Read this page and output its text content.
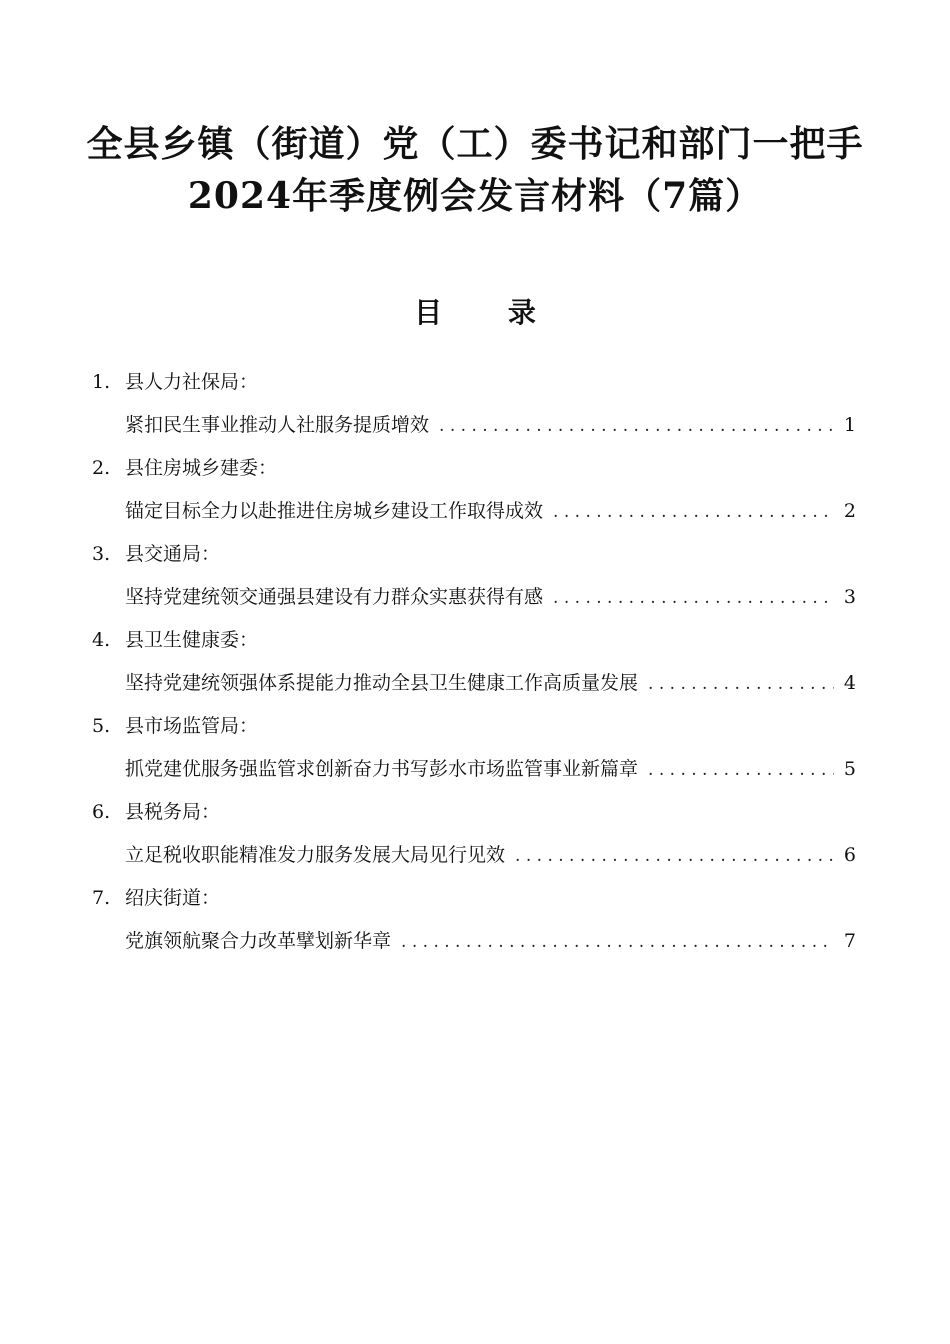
全县乡镇（街道）党（工）委书记和部门一把手
2024年季度例会发言材料（7篇）
目 录
1. 县人力社保局：
紧扣民生事业推动人社服务提质增效 . . .	1
2. 县住房城乡建委：
锚定目标全力以赴推进住房城乡建设工作取得成效 . . .	2
3. 县交通局：
坚持党建统领交通强县建设有力群众实惠获得有感 . . .	3
4. 县卫生健康委：
坚持党建统领强体系提能力推动全县卫生健康工作高质量发展 . . .	4
5. 县市场监管局：
抓党建优服务强监管求创新奋力书写彭水市场监管事业新篇章 . . .	5
6. 县税务局：
立足税收职能精准发力服务发展大局见行见效 . . .	6
7. 绍庆街道：
党旗领航聚合力改革擘划新华章 . . .	7
